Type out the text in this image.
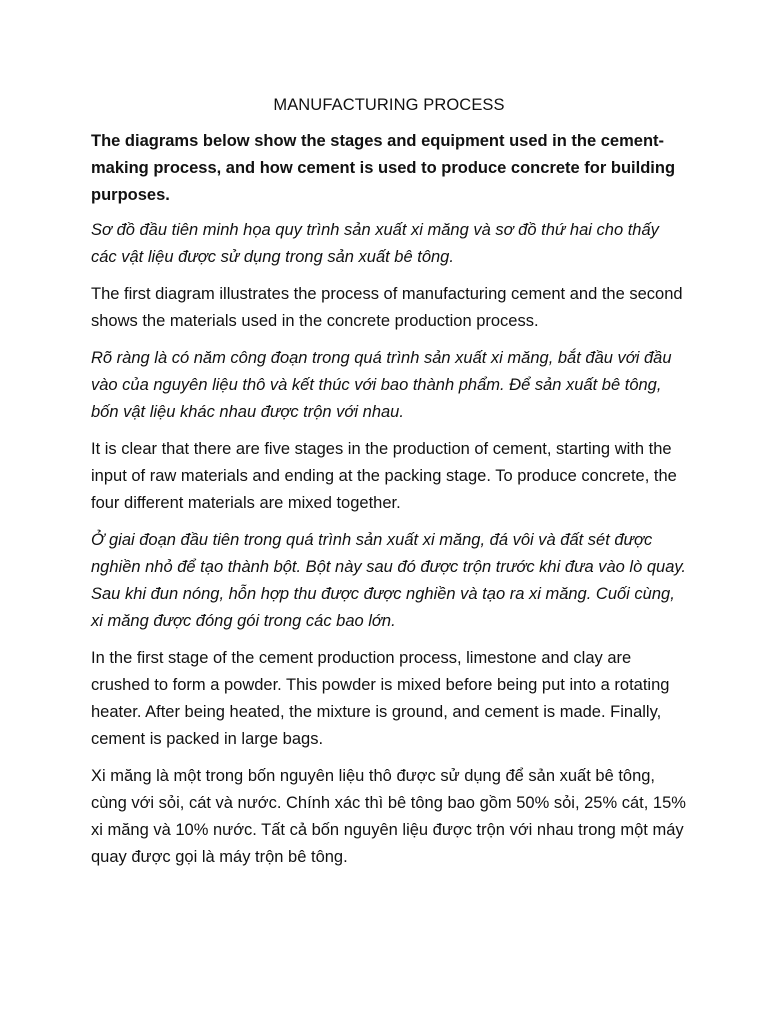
MANUFACTURING PROCESS

The diagrams below show the stages and equipment used in the cement-making process, and how cement is used to produce concrete for building purposes.

Sơ đồ đầu tiên minh họa quy trình sản xuất xi măng và sơ đồ thứ hai cho thấy các vật liệu được sử dụng trong sản xuất bê tông.

The first diagram illustrates the process of manufacturing cement and the second shows the materials used in the concrete production process.

Rõ ràng là có năm công đoạn trong quá trình sản xuất xi măng, bắt đầu với đầu vào của nguyên liệu thô và kết thúc với bao thành phẩm. Để sản xuất bê tông, bốn vật liệu khác nhau được trộn với nhau.

It is clear that there are five stages in the production of cement, starting with the input of raw materials and ending at the packing stage. To produce concrete, the four different materials are mixed together.

Ở giai đoạn đầu tiên trong quá trình sản xuất xi măng, đá vôi và đất sét được nghiền nhỏ để tạo thành bột. Bột này sau đó được trộn trước khi đưa vào lò quay. Sau khi đun nóng, hỗn hợp thu được được nghiền và tạo ra xi măng. Cuối cùng, xi măng được đóng gói trong các bao lớn.

In the first stage of the cement production process, limestone and clay are crushed to form a powder. This powder is mixed before being put into a rotating heater. After being heated, the mixture is ground, and cement is made. Finally, cement is packed in large bags.

Xi măng là một trong bốn nguyên liệu thô được sử dụng để sản xuất bê tông, cùng với sỏi, cát và nước. Chính xác thì bê tông bao gồm 50% sỏi, 25% cát, 15% xi măng và 10% nước. Tất cả bốn nguyên liệu được trộn với nhau trong một máy quay được gọi là máy trộn bê tông.
